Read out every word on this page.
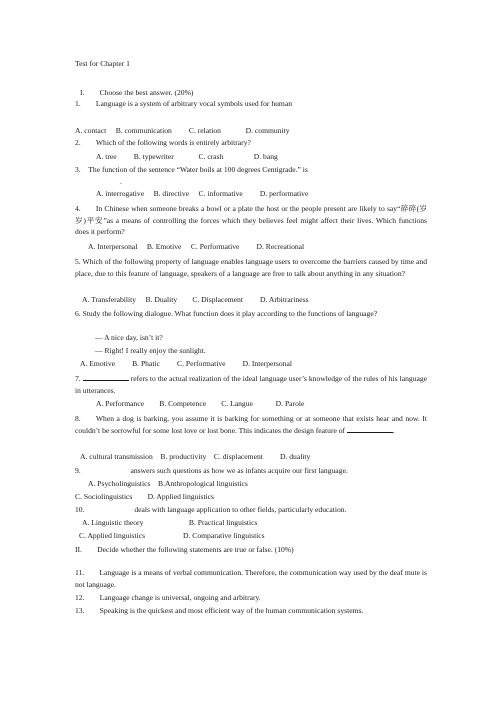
Test for Chapter 1
I.  Choose the best answer. (20%)
1.  Language is a system of arbitrary vocal symbols used for human
A. contact  B. communication   C. relation    D. community
2.  Which of the following words is entirely arbitrary?
A. tree   B. typewriter    C. crash    D. bang
3. The function of the sentence “Water boils at 100 degrees Centigrade.” is
.
A. interrogative  B. directive  C. informative   D. performative
4.  In Chinese when someone breaks a bowl or a plate the host or the people present are likely to say“碎碎(岁岁)平安”as a means of controlling the forces which they believes feel might affect their lives. Which functions does it perform?
A. Interpersonal  B. Emotive  C. Performative   D. Recreational
5. Which of the following property of language enables language users to overcome the barriers caused by time and place, due to this feature of language, speakers of a language are free to talk about anything in any situation?
A. Transferability  B. Duality  C. Displacement   D. Arbitrariness
6. Study the following dialogue. What function does it play according to the functions of language?
— A nice day, isn’t it?
— Right! I really enjoy the sunlight.
A. Emotive   B. Phatic   C. Performative   D. Interpersonal
7.	refers to the actual realization of the ideal language user’s knowledge of the rules of his language in utterances.
A. Performance  B. Competence  C. Langue   D. Parole
8.  When a dog is barking, you assume it is barking for something or at someone that exists hear and now. It couldn’t be sorrowful for some lost love or lost bone. This indicates the design feature of	.
A. cultural transmission B. productivity C. displacement   D. duality
9.	answers such questions as how we as infants acquire our first language.
A. Psycholinguistics B.Anthropological linguistics
C. Sociolinguistics  D. Applied linguistics
10.	deals with language application to other fields, particularly education.
A. Linguistic theory      B. Practical linguistics
C. Applied linguistics     D. Comparative linguistics
II.  Decide whether the following statements are true or false. (10%)
11.  Language is a means of verbal communication. Therefore, the communication way used by the deaf mute is not language.
12.  Language change is universal, ongoing and arbitrary.
13.  Speaking is the quickest and most efficient way of the human communication systems.
